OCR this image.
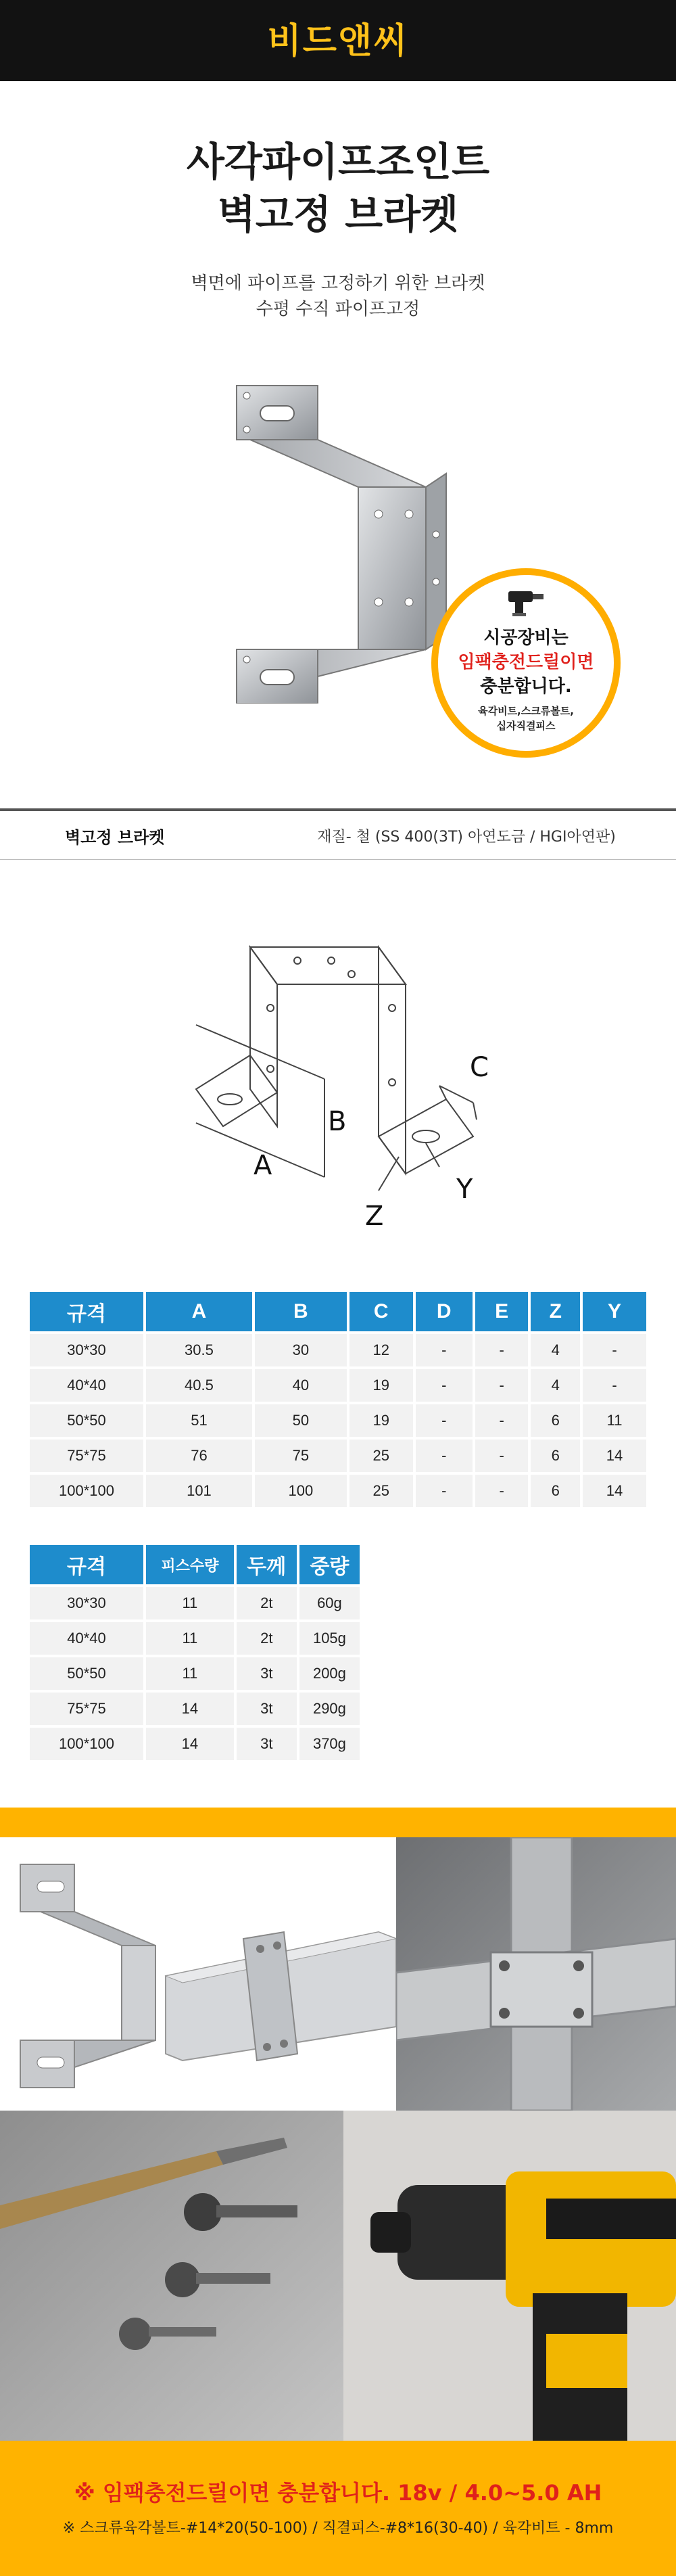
비드앤씨
사각파이프조인트
벽고정 브라켓
벽면에 파이프를 고정하기 위한 브라켓
수평 수직 파이프고정
시공장비는
임팩충전드릴이면
충분합니다.
육각비트,스크류볼트,
십자직결피스
벽고정 브라켓	재질- 철 (SS 400(3T) 아연도금 / HGI아연판)
A
B
C
Z
Y
규격	A	B	C	D	E	Z	Y
30*30	30.5	30	12	-	-	4	-
40*40	40.5	40	19	-	-	4	-
50*50	51	50	19	-	-	6	11
75*75	76	75	25	-	-	6	14
100*100	101	100	25	-	-	6	14
규격	피스수량	두께	중량
30*30	11	2t	60g
40*40	11	2t	105g
50*50	11	3t	200g
75*75	14	3t	290g
100*100	14	3t	370g
※ 임팩충전드릴이면 충분합니다. 18v / 4.0~5.0 AH
※ 스크류육각볼트-#14*20(50-100) / 직결피스-#8*16(30-40) / 육각비트 - 8mm
